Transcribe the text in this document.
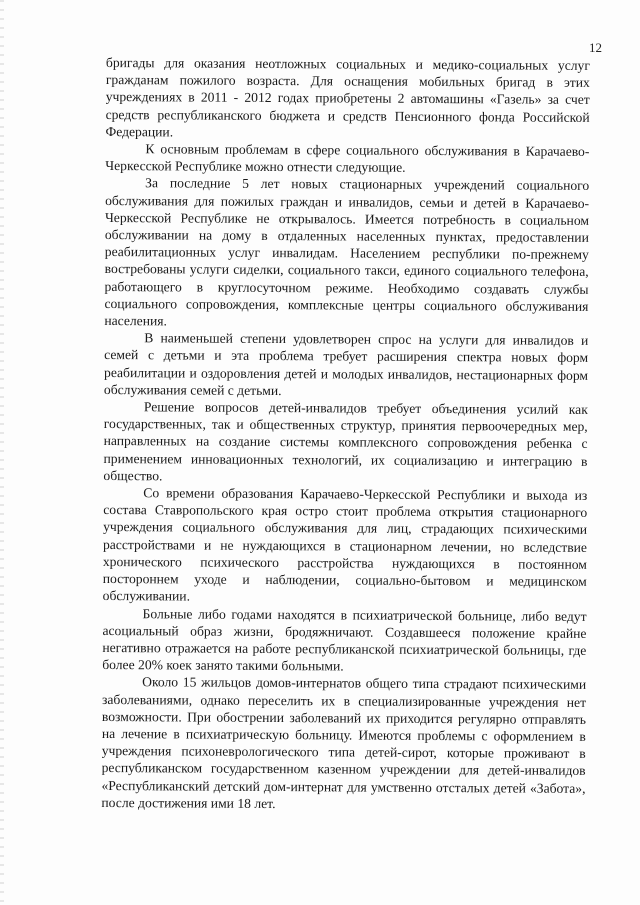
12

бригады для оказания неотложных социальных и медико-социальных услуг гражданам пожилого возраста. Для оснащения мобильных бригад в этих учреждениях в 2011 - 2012 годах приобретены 2 автомашины «Газель» за счет средств республиканского бюджета и средств Пенсионного фонда Российской Федерации.

К основным проблемам в сфере социального обслуживания в Карачаево-Черкесской Республике можно отнести следующие.

За последние 5 лет новых стационарных учреждений социального обслуживания для пожилых граждан и инвалидов, семьи и детей в Карачаево-Черкесской Республике не открывалось. Имеется потребность в социальном обслуживании на дому в отдаленных населенных пунктах, предоставлении реабилитационных услуг инвалидам. Населением республики по-прежнему востребованы услуги сиделки, социального такси, единого социального телефона, работающего в круглосуточном режиме. Необходимо создавать службы социального сопровождения, комплексные центры социального обслуживания населения.

В наименьшей степени удовлетворен спрос на услуги для инвалидов и семей с детьми и эта проблема требует расширения спектра новых форм реабилитации и оздоровления детей и молодых инвалидов, нестационарных форм обслуживания семей с детьми.

Решение вопросов детей-инвалидов требует объединения усилий как государственных, так и общественных структур, принятия первоочередных мер, направленных на создание системы комплексного сопровождения ребенка с применением инновационных технологий, их социализацию и интеграцию в общество.

Со времени образования Карачаево-Черкесской Республики и выхода из состава Ставропольского края остро стоит проблема открытия стационарного учреждения социального обслуживания для лиц, страдающих психическими расстройствами и не нуждающихся в стационарном лечении, но вследствие хронического психического расстройства нуждающихся в постоянном постороннем уходе и наблюдении, социально-бытовом и медицинском обслуживании.

Больные либо годами находятся в психиатрической больнице, либо ведут асоциальный образ жизни, бродяжничают. Создавшееся положение крайне негативно отражается на работе республиканской психиатрической больницы, где более 20% коек занято такими больными.

Около 15 жильцов домов-интернатов общего типа страдают психическими заболеваниями, однако переселить их в специализированные учреждения нет возможности. При обострении заболеваний их приходится регулярно отправлять на лечение в психиатрическую больницу. Имеются проблемы с оформлением в учреждения психоневрологического типа детей-сирот, которые проживают в республиканском государственном казенном учреждении для детей-инвалидов «Республиканский детский дом-интернат для умственно отсталых детей «Забота», после достижения ими 18 лет.
